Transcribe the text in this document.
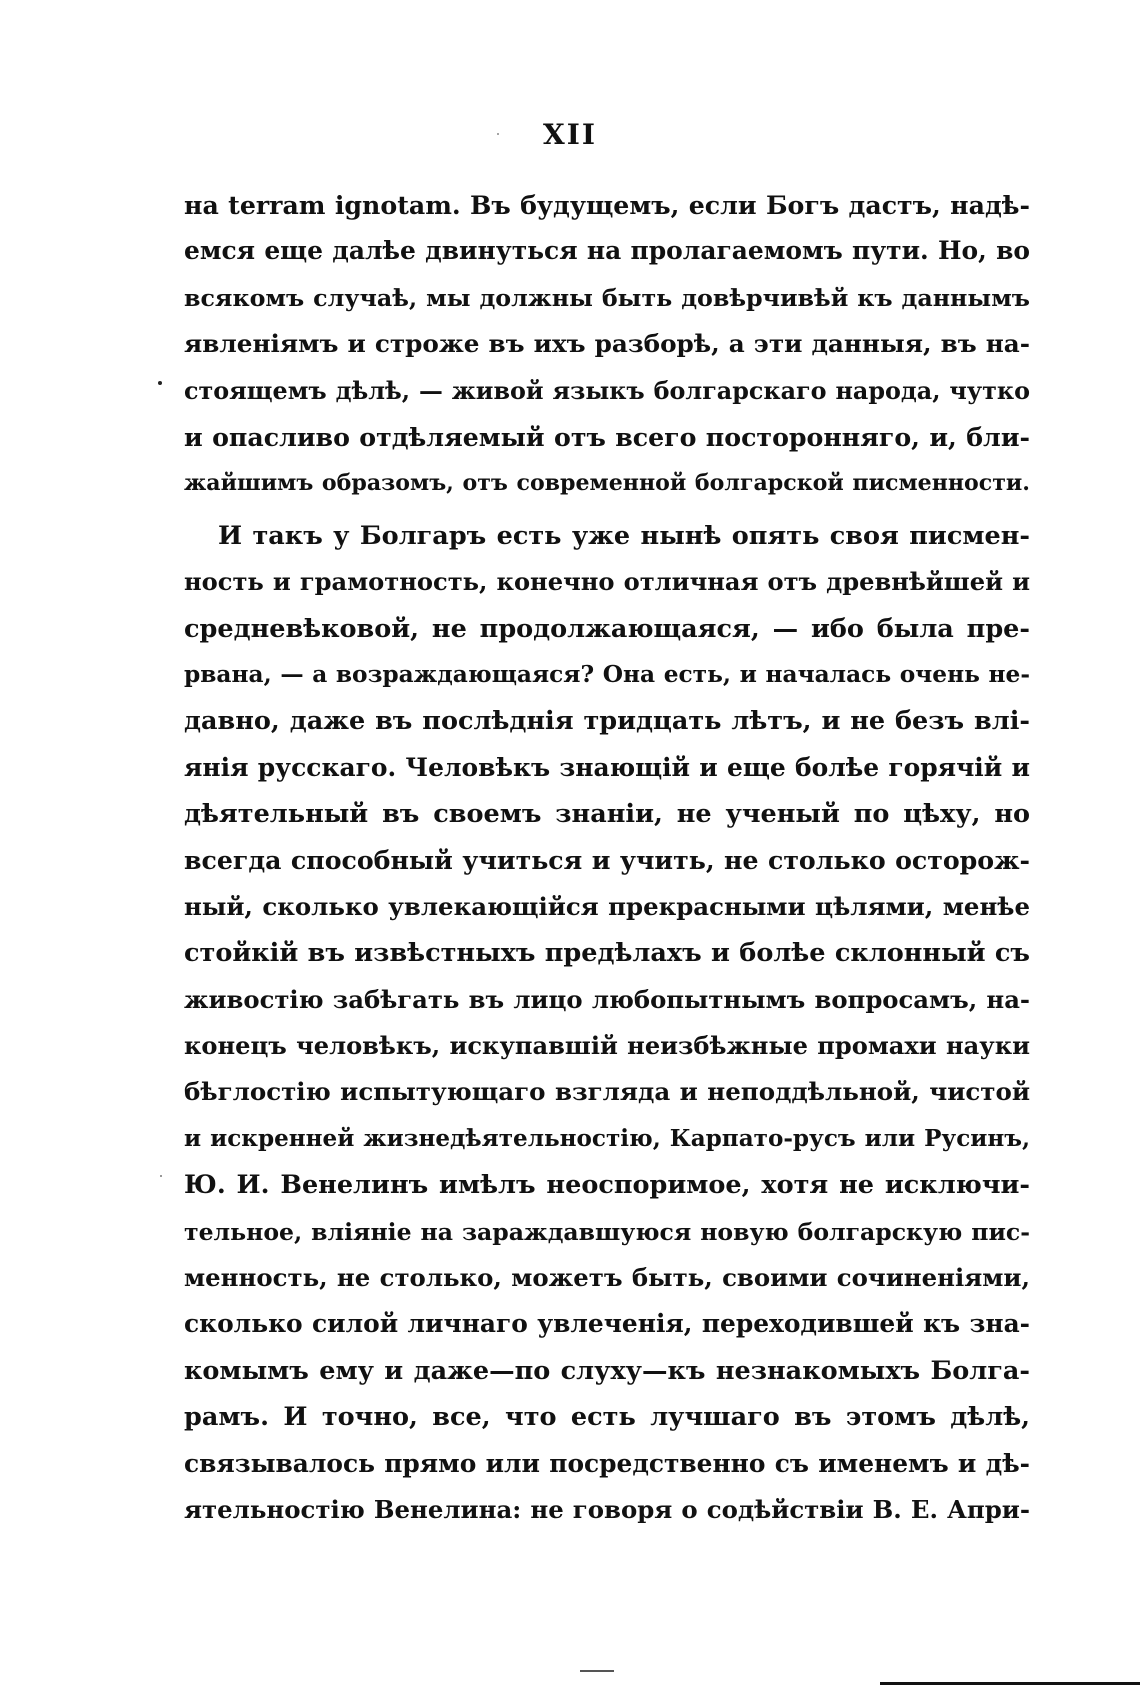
XII
на terram ignotam. Въ будущемъ, если Богъ дастъ, надѣ-
емся еще далѣе двинуться на пролагаемомъ пути. Но, во
всякомъ случаѣ, мы должны быть довѣрчивѣй къ даннымъ
явленіямъ и строже въ ихъ разборѣ, а эти данныя, въ на-
стоящемъ дѣлѣ, — живой языкъ болгарскаго народа, чутко
и опасливо отдѣляемый отъ всего посторонняго, и, бли-
жайшимъ образомъ, отъ современной болгарской писменности.
И такъ у Болгаръ есть уже нынѣ опять своя писмен-
ность и грамотность, конечно отличная отъ древнѣйшей и
средневѣковой, не продолжающаяся, — ибо была пре-
рвана, — а возраждающаяся? Она есть, и началась очень не-
давно, даже въ послѣднія тридцать лѣтъ, и не безъ влі-
янія русскаго. Человѣкъ знающій и еще болѣе горячій и
дѣятельный въ своемъ знаніи, не ученый по цѣху, но
всегда способный учиться и учить, не столько осторож-
ный, сколько увлекающійся прекрасными цѣлями, менѣе
стойкій въ извѣстныхъ предѣлахъ и болѣе склонный съ
живостію забѣгать въ лицо любопытнымъ вопросамъ, на-
конецъ человѣкъ, искупавшій неизбѣжные промахи науки
бѣглостію испытующаго взгляда и неподдѣльной, чистой
и искренней жизнедѣятельностію, Карпато-русъ или Русинъ,
Ю. И. Венелинъ имѣлъ неоспоримое, хотя не исключи-
тельное, вліяніе на зараждавшуюся новую болгарскую пис-
менность, не столько, можетъ быть, своими сочиненіями,
сколько силой личнаго увлеченія, переходившей къ зна-
комымъ ему и даже—по слуху—къ незнакомыхъ Болга-
рамъ. И точно, все, что есть лучшаго въ этомъ дѣлѣ,
связывалось прямо или посредственно съ именемъ и дѣ-
ятельностію Венелина: не говоря о содѣйствіи В. Е. Апри-
